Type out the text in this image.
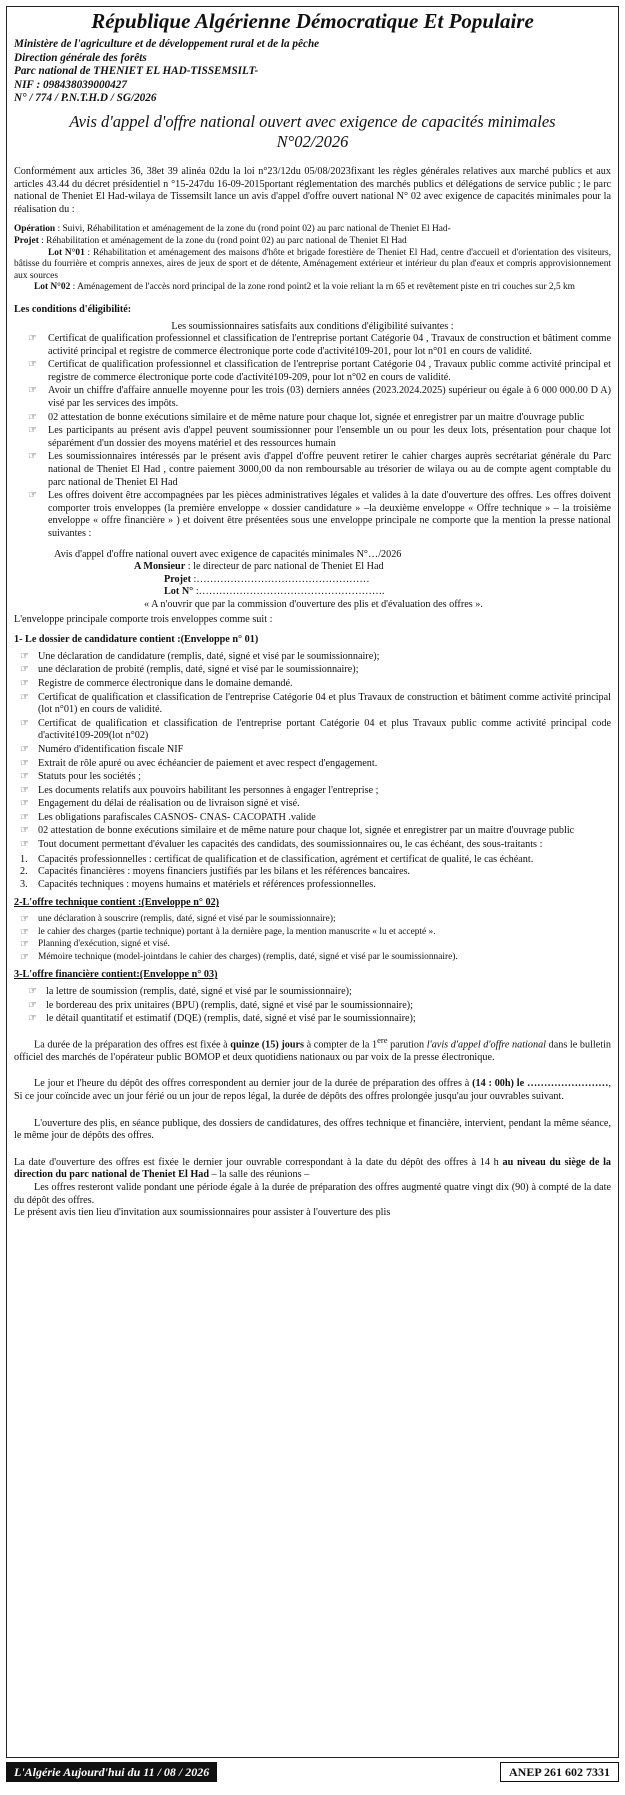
République Algérienne Démocratique Et Populaire
Ministère de l'agriculture et de développement rural et de la pêche
Direction générale des forêts
Parc national de THENIET EL HAD-TISSEMSILT-
NIF : 098438039000427
N° / 774 / P.N.T.H.D / SG/2026
Avis d'appel d'offre national ouvert avec exigence de capacités minimales
N°02/2026

Conformément aux articles 36, 38et 39 alinéa 02du la loi n°23/12du 05/08/2023fixant les règles générales relatives aux marché publics et aux articles 43.44 du décret présidentiel n °15-247du 16-09-2015portant réglementation des marchés publics et délégations de service public ; le parc national de Theniet El Had-wilaya de Tissemsilt lance un avis d'appel d'offre ouvert national N° 02 avec exigence de capacités minimales pour la réalisation du :

Opération : Suivi, Réhabilitation et aménagement de la zone du (rond point 02) au parc national de Theniet El Had-

Projet : Réhabilitation et aménagement de la zone du (rond point 02) au parc national de Theniet El Had

Lot N°01 : Réhabilitation et aménagement des maisons d'hôte et brigade forestière de Theniet El Had, centre d'accueil et d'orientation des visiteurs, bâtisse du fourrière et compris annexes, aires de jeux de sport et de détente, Aménagement extérieur et intérieur du plan d'eaux et compris approvisionnement aux sources

Lot N°02 : Aménagement de l'accès nord principal de la zone rond point2 et la voie reliant la rn 65 et revêtement piste en tri couches sur 2,5 km

Les conditions d'éligibilité:

Les soumissionnaires satisfaits aux conditions d'éligibilité suivantes :

☞ Certificat de qualification professionnel et classification de l'entreprise portant Catégorie 04 , Travaux de construction et bâtiment comme activité principal et registre de commerce électronique porte code d'activité109-201, pour lot n°01 en cours de validité.
☞ Certificat de qualification professionnel et classification de l'entreprise portant Catégorie 04 , Travaux public comme activité principal et registre de commerce électronique porte code d'activité109-209, pour lot n°02 en cours de validité.
☞ Avoir un chiffre d'affaire annuelle moyenne pour les trois (03) derniers années (2023.2024.2025) supérieur ou égale à 6 000 000.00 D A) visé par les services des impôts.
☞ 02 attestation de bonne exécutions similaire et de même nature pour chaque lot, signée et enregistrer par un maitre d'ouvrage public
☞ Les participants au présent avis d'appel peuvent soumissionner pour l'ensemble un ou pour les deux lots, présentation pour chaque lot séparément d'un dossier des moyens matériel et des ressources humain
☞ Les soumissionnaires intéressés par le présent avis d'appel d'offre peuvent retirer le cahier charges auprès secrétariat générale du Parc national de Theniet El Had , contre paiement 3000,00 da non remboursable au trésorier de wilaya ou au de compte agent comptable du parc national de Theniet El Had
☞ Les offres doivent être accompagnées par les pièces administratives légales et valides à la date d'ouverture des offres. Les offres doivent comporter trois enveloppes (la première enveloppe « dossier candidature » –la deuxième enveloppe « Offre technique » – la troisième enveloppe « offre financière » ) et doivent être présentées sous une enveloppe principale ne comporte que la mention la presse national suivantes :
Avis d'appel d'offre national ouvert avec exigence de capacités minimales N°…/2026
A Monsieur : le directeur de parc national de Theniet El Had
Projet :……………………………………………
Lot N° :……………………………………………….
« A n'ouvrir que par la commission d'ouverture des plis et d'évaluation des offres ».

L'enveloppe principale comporte trois enveloppes comme suit :

1- Le dossier de candidature contient :(Enveloppe n° 01)
☞ Une déclaration de candidature (remplis, daté, signé et visé par le soumissionnaire);
☞ une déclaration de probité (remplis, daté, signé et visé par le soumissionnaire);
☞ Registre de commerce électronique dans le domaine demandé.
☞ Certificat de qualification et classification de l'entreprise Catégorie 04 et plus Travaux de construction et bâtiment comme activité principal (lot n°01) en cours de validité.
☞ Certificat de qualification et classification de l'entreprise portant Catégorie 04 et plus Travaux public comme activité principal code d'activité109-209(lot n°02)
☞ Numéro d'identification fiscale NIF
☞ Extrait de rôle apuré ou avec échéancier de paiement et avec respect d'engagement.
☞ Statuts pour les sociétés ;
☞ Les documents relatifs aux pouvoirs habilitant les personnes à engager l'entreprise ;
☞ Engagement du délai de réalisation ou de livraison signé et visé.
☞ Les obligations parafiscales CASNOS- CNAS- CACOPATH .valide
☞ 02 attestation de bonne exécutions similaire et de même nature pour chaque lot, signée et enregistrer par un maitre d'ouvrage public
☞ Tout document permettant d'évaluer les capacités des candidats, des soumissionnaires ou, le cas échéant, des sous-traitants :
1. Capacités professionnelles : certificat de qualification et de classification, agrément et certificat de qualité, le cas échéant.
2. Capacités financières : moyens financiers justifiés par les bilans et les références bancaires.
3. Capacités techniques : moyens humains et matériels et références professionnelles.
2-L'offre technique contient :(Enveloppe n° 02)
☞ une déclaration à souscrire (remplis, daté, signé et visé par le soumissionnaire);
☞ le cahier des charges (partie technique) portant à la dernière page, la mention manuscrite « lu et accepté ».
☞ Planning d'exécution, signé et visé.
☞ Mémoire technique (model-jointdans le cahier des charges) (remplis, daté, signé et visé par le soumissionnaire).
3-L'offre financière contient:(Enveloppe n° 03)
☞ la lettre de soumission (remplis, daté, signé et visé par le soumissionnaire);
☞ le bordereau des prix unitaires (BPU) (remplis, daté, signé et visé par le soumissionnaire);
☞ le détail quantitatif et estimatif (DQE) (remplis, daté, signé et visé par le soumissionnaire);

La durée de la préparation des offres est fixée à quinze (15) jours à compter de la 1ere parution l'avis d'appel d'offre national dans le bulletin officiel des marchés de l'opérateur public BOMOP et deux quotidiens nationaux ou par voix de la presse électronique.

Le jour et l'heure du dépôt des offres correspondent au dernier jour de la durée de préparation des offres à (14 : 00h) le ……………………, Si ce jour coïncide avec un jour férié ou un jour de repos légal, la durée de dépôts des offres prolongée jusqu'au jour ouvrables suivant.

L'ouverture des plis, en séance publique, des dossiers de candidatures, des offres technique et financière, intervient, pendant la même séance, le même jour de dépôts des offres.

La date d'ouverture des offres est fixée le dernier jour ouvrable correspondant à la date du dépôt des offres à 14 h au niveau du siège de la direction du parc national de Theniet El Had – la salle des réunions –

Les offres resteront valide pondant une période égale à la durée de préparation des offres augmenté quatre vingt dix (90) à compté de la date du dépôt des offres.

Le présent avis tien lieu d'invitation aux soumissionnaires pour assister à l'ouverture des plis

L'Algérie Aujourd'hui du 11 / 08 / 2026	ANEP 261 602 7331
